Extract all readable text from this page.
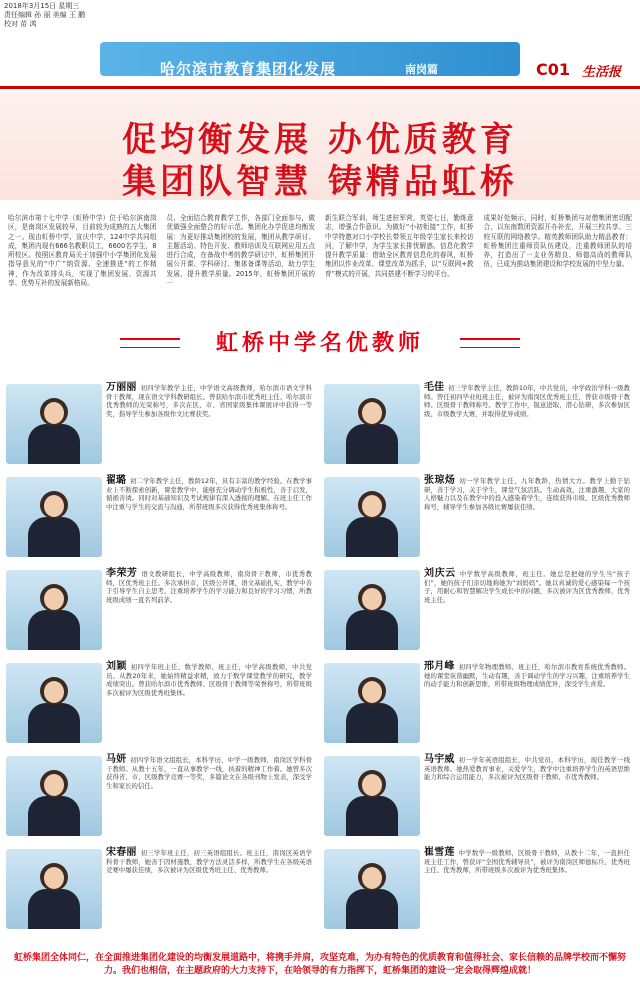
2018年3月15日 星期三
责任编辑 孙 丽 美编 王 鹏 校对 苗 鸿
哈尔滨市教育集团化发展	南岗篇	C01 生活报
促均衡发展 办优质教育
集团队智慧 铸精品虹桥
哈尔滨市第十七中学（虹桥中学）位于哈尔滨南岗区，是南岗区发展较早，目前较为成熟的五大集团之一。现由虹桥中学、宣庆中学、124中学共同组成，集团内现有666名教职员工，6600名学生，8所校区。按照区教育局关于加强中小学集团化发展指导意见的“中广”纳资源、全速推进“的工作精神，作为改革排头兵，实现了集团发展、资源共享、优势互补的发展新格局。
员、全面结合教育教学工作，各部门全面参与，做优做强全面整合的好示范。集团化办学促进均衡发展：为更好推动集团校的发展，集团从教学研讨、主题活动、特色开发、教师培训及互联网应用五点进行合成，在备战中考的教学研讨中，虹桥集团开展公开课、学科研讨、集体备课等活动，助力学生发展，提升教学质量。2015年，虹桥集团开展的一
新生联合军训，师生进驻军营，英姿七日，勤练意志，增强合作意识。为做好“小初衔接”工作，虹桥中学特邀对口小学校长带领五年级学生家长来校访问，了解中学，为学生家长排忧解惑。信息化教学提升教学质量：借助全区教育信息化的春风，虹桥集团以作业改革、课堂改革为抓手，以“互联网+教育”模式的开展，共同搭建不断学习的平台。
成果好处频示，同时，虹桥集团与对僧集团密切配合，以东南数团资源开办补充，开展三校共享、三校互联的网络教学。精英教师团队助力精品教育：虹桥集团注重师资队伍建设，注重教师团队的培养，打造出了一支业务精良、师德高尚的教师队伍，已成为推动集团建设和学校发展的中坚力量。
虹桥中学名优教师
万丽丽 初四学年教学主任，中学语文高级教师，哈尔滨市语文学科骨干教师，现在语文学科教研组长。曾获哈尔滨市优秀班主任、哈尔滨市优秀教师的光荣称号，多次在区、市、省国家级集体课展评中获得一等奖，指导学生参加各级作文比赛获奖。
毛佳 初三学年教学主任，教龄10年，中共党员，中学政治学科一级教师。曾任初四毕业班班主任，被评为南岗区优秀班主任，曾获市级骨干教师、区级骨干教师称号。教学工作中，锐意进取，潜心钻研，多次参加区级、市级教学大赛，并取得优异成绩。
翟璐 初二学年教学主任，教龄12年，具有丰富的教学经验。在教学事业上不断探索创新，课堂教学中，能够充分调动学生积极性，善于启发，循循善诱。同时对基础知识及考试规律有深入透彻的理解。在班主任工作中注重与学生的交流与沟通，所带班级多次获得优秀班集体称号。
张琼炀 初一学年教学主任，九年教龄，热情大方。教学上勤于钻研，善于学习，关于学生，课堂气氛活跃。生动高效，注重激趣，大家的人格魅力以及在教学中的投入感染着学生，连续获得市级、区级优秀教师称号，辅导学生参加各级比赛屡获佳绩。
李荣芳 语文教研组长，中学高级教师，南岗骨干教师，市优秀教师，区优秀班主任。多次承担市、区级公开课，语文基础扎实，教学中善于引导学生自主思考，注重培养学生的学习能力和良好的学习习惯，所教班级成绩一直名列前茅。
刘庆云 中学数学高级教师，班主任。她总是把她的学生当“孩子们”，她的孩子们亲切地称她为“刘妈妈”。她以真诚的爱心感染每一个孩子，用耐心和智慧解决学生成长中的问题，多次被评为区优秀教师、优秀班主任。
刘颖 初四学年班主任、数学教师，班主任，中学高级教师，中共党员。从教20年来，她始终精益求精，致力于数学课堂教学的研究，教学成绩突出。曾获哈尔滨市优秀教师、区级骨干教师等荣誉称号，所带班级多次被评为区级优秀班集体。
邢月峰 初四学年物理教师、班主任，哈尔滨市教育系统优秀教师。她的课堂诙谐幽默，生动有趣，善于调动学生的学习兴趣，注重培养学生的动手能力和创新思维，所带班级物理成绩优异，深受学生喜爱。
马妍 初四学年语文组组长，本科学历，中学一级教师，南岗区学科骨干教师。从教十五年，一直从事教学一线，执着的精神工作着。她曾多次获得省、市、区级教学竞赛一等奖，多篇论文在各级刊物上发表，深受学生和家长的信任。
马宇威 初一学年英语组组长，中共党员，本科学历，现任教学一线英语教师。她热爱教育事业，关爱学生，教学中注重培养学生的英语思维能力和综合运用能力，多次被评为区级骨干教师、市优秀教师。
宋春丽 初三学年班主任，初三英语组组长。班主任，南岗区英语学科骨干教师，她善于因材施教，教学方法灵活多样，所教学生在各级英语竞赛中屡获佳绩，多次被评为区级优秀班主任、优秀教师。
崔雪莲 中学数学一级教师，区级骨干教师，从教十二年，一直担任班主任工作，曾获评“全国优秀辅导员”，被评为南岗区师德标兵、优秀班主任、优秀教师，所带班级多次被评为优秀班集体。
虹桥集团全体同仁，在全面推进集团化建设的均衡发展道路中，将携手并肩，攻坚克难，为办有特色的优质教育和值得社会、家长信赖的品牌学校而不懈努力。我们也相信，在主题政府的大力支持下，在哈领导的有力指挥下，虹桥集团的建设一定会取得辉煌成就！
